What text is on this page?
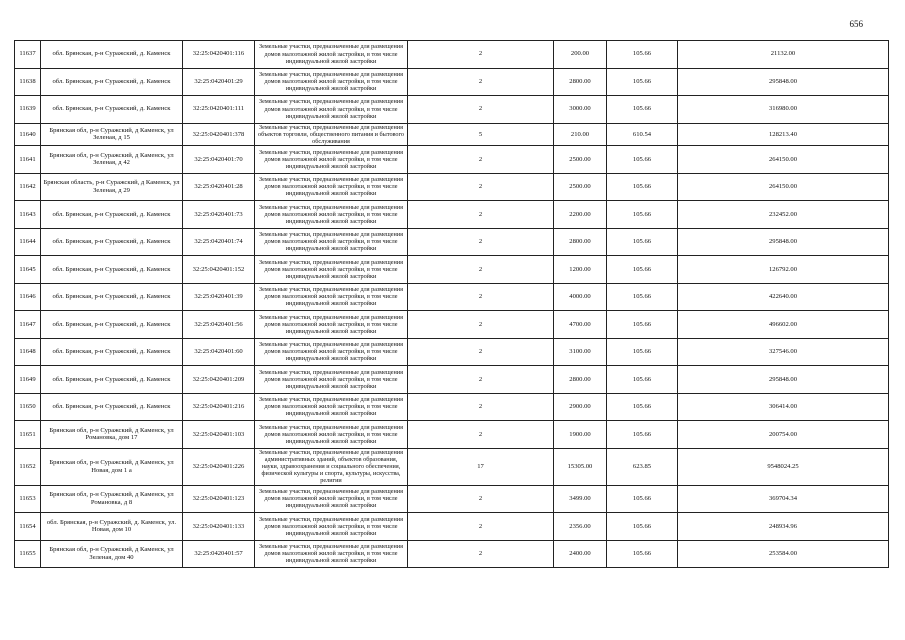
656
11637	обл. Брянская, р-н Суражский, д. Каменск	32:25:0420401:116	Земельные участки, предназначенные для размещения домов малоэтажной жилой застройки, в том числе индивидуальной жилой застройки	2	200.00	105.66	21132.00
11638	обл. Брянская, р-н Суражский, д. Каменск	32:25:0420401:29	Земельные участки, предназначенные для размещения домов малоэтажной жилой застройки, в том числе индивидуальной жилой застройки	2	2800.00	105.66	295848.00
11639	обл. Брянская, р-н Суражский, д. Каменск	32:25:0420401:111	Земельные участки, предназначенные для размещения домов малоэтажной жилой застройки, в том числе индивидуальной жилой застройки	2	3000.00	105.66	316980.00
11640	Брянская обл, р-н Суражский, д Каменск, ул Зеленая, д 15	32:25:0420401:378	Земельные участки, предназначенные для размещения объектов торговли, общественного питания и бытового обслуживания	5	210.00	610.54	128213.40
11641	Брянская обл, р-н Суражский, д Каменск, ул Зеленая, д 42	32:25:0420401:70	Земельные участки, предназначенные для размещения домов малоэтажной жилой застройки, в том числе индивидуальной жилой застройки	2	2500.00	105.66	264150.00
11642	Брянская область, р-н Суражский, д Каменск, ул Зеленая, д 29	32:25:0420401:28	Земельные участки, предназначенные для размещения домов малоэтажной жилой застройки, в том числе индивидуальной жилой застройки	2	2500.00	105.66	264150.00
11643	обл. Брянская, р-н Суражский, д. Каменск	32:25:0420401:73	Земельные участки, предназначенные для размещения домов малоэтажной жилой застройки, в том числе индивидуальной жилой застройки	2	2200.00	105.66	232452.00
11644	обл. Брянская, р-н Суражский, д. Каменск	32:25:0420401:74	Земельные участки, предназначенные для размещения домов малоэтажной жилой застройки, в том числе индивидуальной жилой застройки	2	2800.00	105.66	295848.00
11645	обл. Брянская, р-н Суражский, д. Каменск	32:25:0420401:152	Земельные участки, предназначенные для размещения домов малоэтажной жилой застройки, в том числе индивидуальной жилой застройки	2	1200.00	105.66	126792.00
11646	обл. Брянская, р-н Суражский, д. Каменск	32:25:0420401:39	Земельные участки, предназначенные для размещения домов малоэтажной жилой застройки, в том числе индивидуальной жилой застройки	2	4000.00	105.66	422640.00
11647	обл. Брянская, р-н Суражский, д. Каменск	32:25:0420401:56	Земельные участки, предназначенные для размещения домов малоэтажной жилой застройки, в том числе индивидуальной жилой застройки	2	4700.00	105.66	496602.00
11648	обл. Брянская, р-н Суражский, д. Каменск	32:25:0420401:60	Земельные участки, предназначенные для размещения домов малоэтажной жилой застройки, в том числе индивидуальной жилой застройки	2	3100.00	105.66	327546.00
11649	обл. Брянская, р-н Суражский, д. Каменск	32:25:0420401:209	Земельные участки, предназначенные для размещения домов малоэтажной жилой застройки, в том числе индивидуальной жилой застройки	2	2800.00	105.66	295848.00
11650	обл. Брянская, р-н Суражский, д. Каменск	32:25:0420401:216	Земельные участки, предназначенные для размещения домов малоэтажной жилой застройки, в том числе индивидуальной жилой застройки	2	2900.00	105.66	306414.00
11651	Брянская обл, р-н Суражский, д Каменск, ул Романовка, дом 17	32:25:0420401:103	Земельные участки, предназначенные для размещения домов малоэтажной жилой застройки, в том числе индивидуальной жилой застройки	2	1900.00	105.66	200754.00
11652	Брянская обл, р-н Суражский, д Каменск, ул Новая, дом 1 а	32:25:0420401:226	Земельные участки, предназначенные для размещения административных зданий, объектов образования, науки, здравоохранения и социального обеспечения, физической культуры и спорта, культуры, искусства, религии	17	15305.00	623.85	9548024.25
11653	Брянская обл, р-н Суражский, д Каменск, ул Романовка, д 8	32:25:0420401:123	Земельные участки, предназначенные для размещения домов малоэтажной жилой застройки, в том числе индивидуальной жилой застройки	2	3499.00	105.66	369704.34
11654	обл. Брянская, р-н Суражский, д. Каменск, ул. Новая, дом 10	32:25:0420401:133	Земельные участки, предназначенные для размещения домов малоэтажной жилой застройки, в том числе индивидуальной жилой застройки	2	2356.00	105.66	248934.96
11655	Брянская обл, р-н Суражский, д Каменск, ул Зеленая, дом 40	32:25:0420401:57	Земельные участки, предназначенные для размещения домов малоэтажной жилой застройки, в том числе индивидуальной жилой застройки	2	2400.00	105.66	253584.00
